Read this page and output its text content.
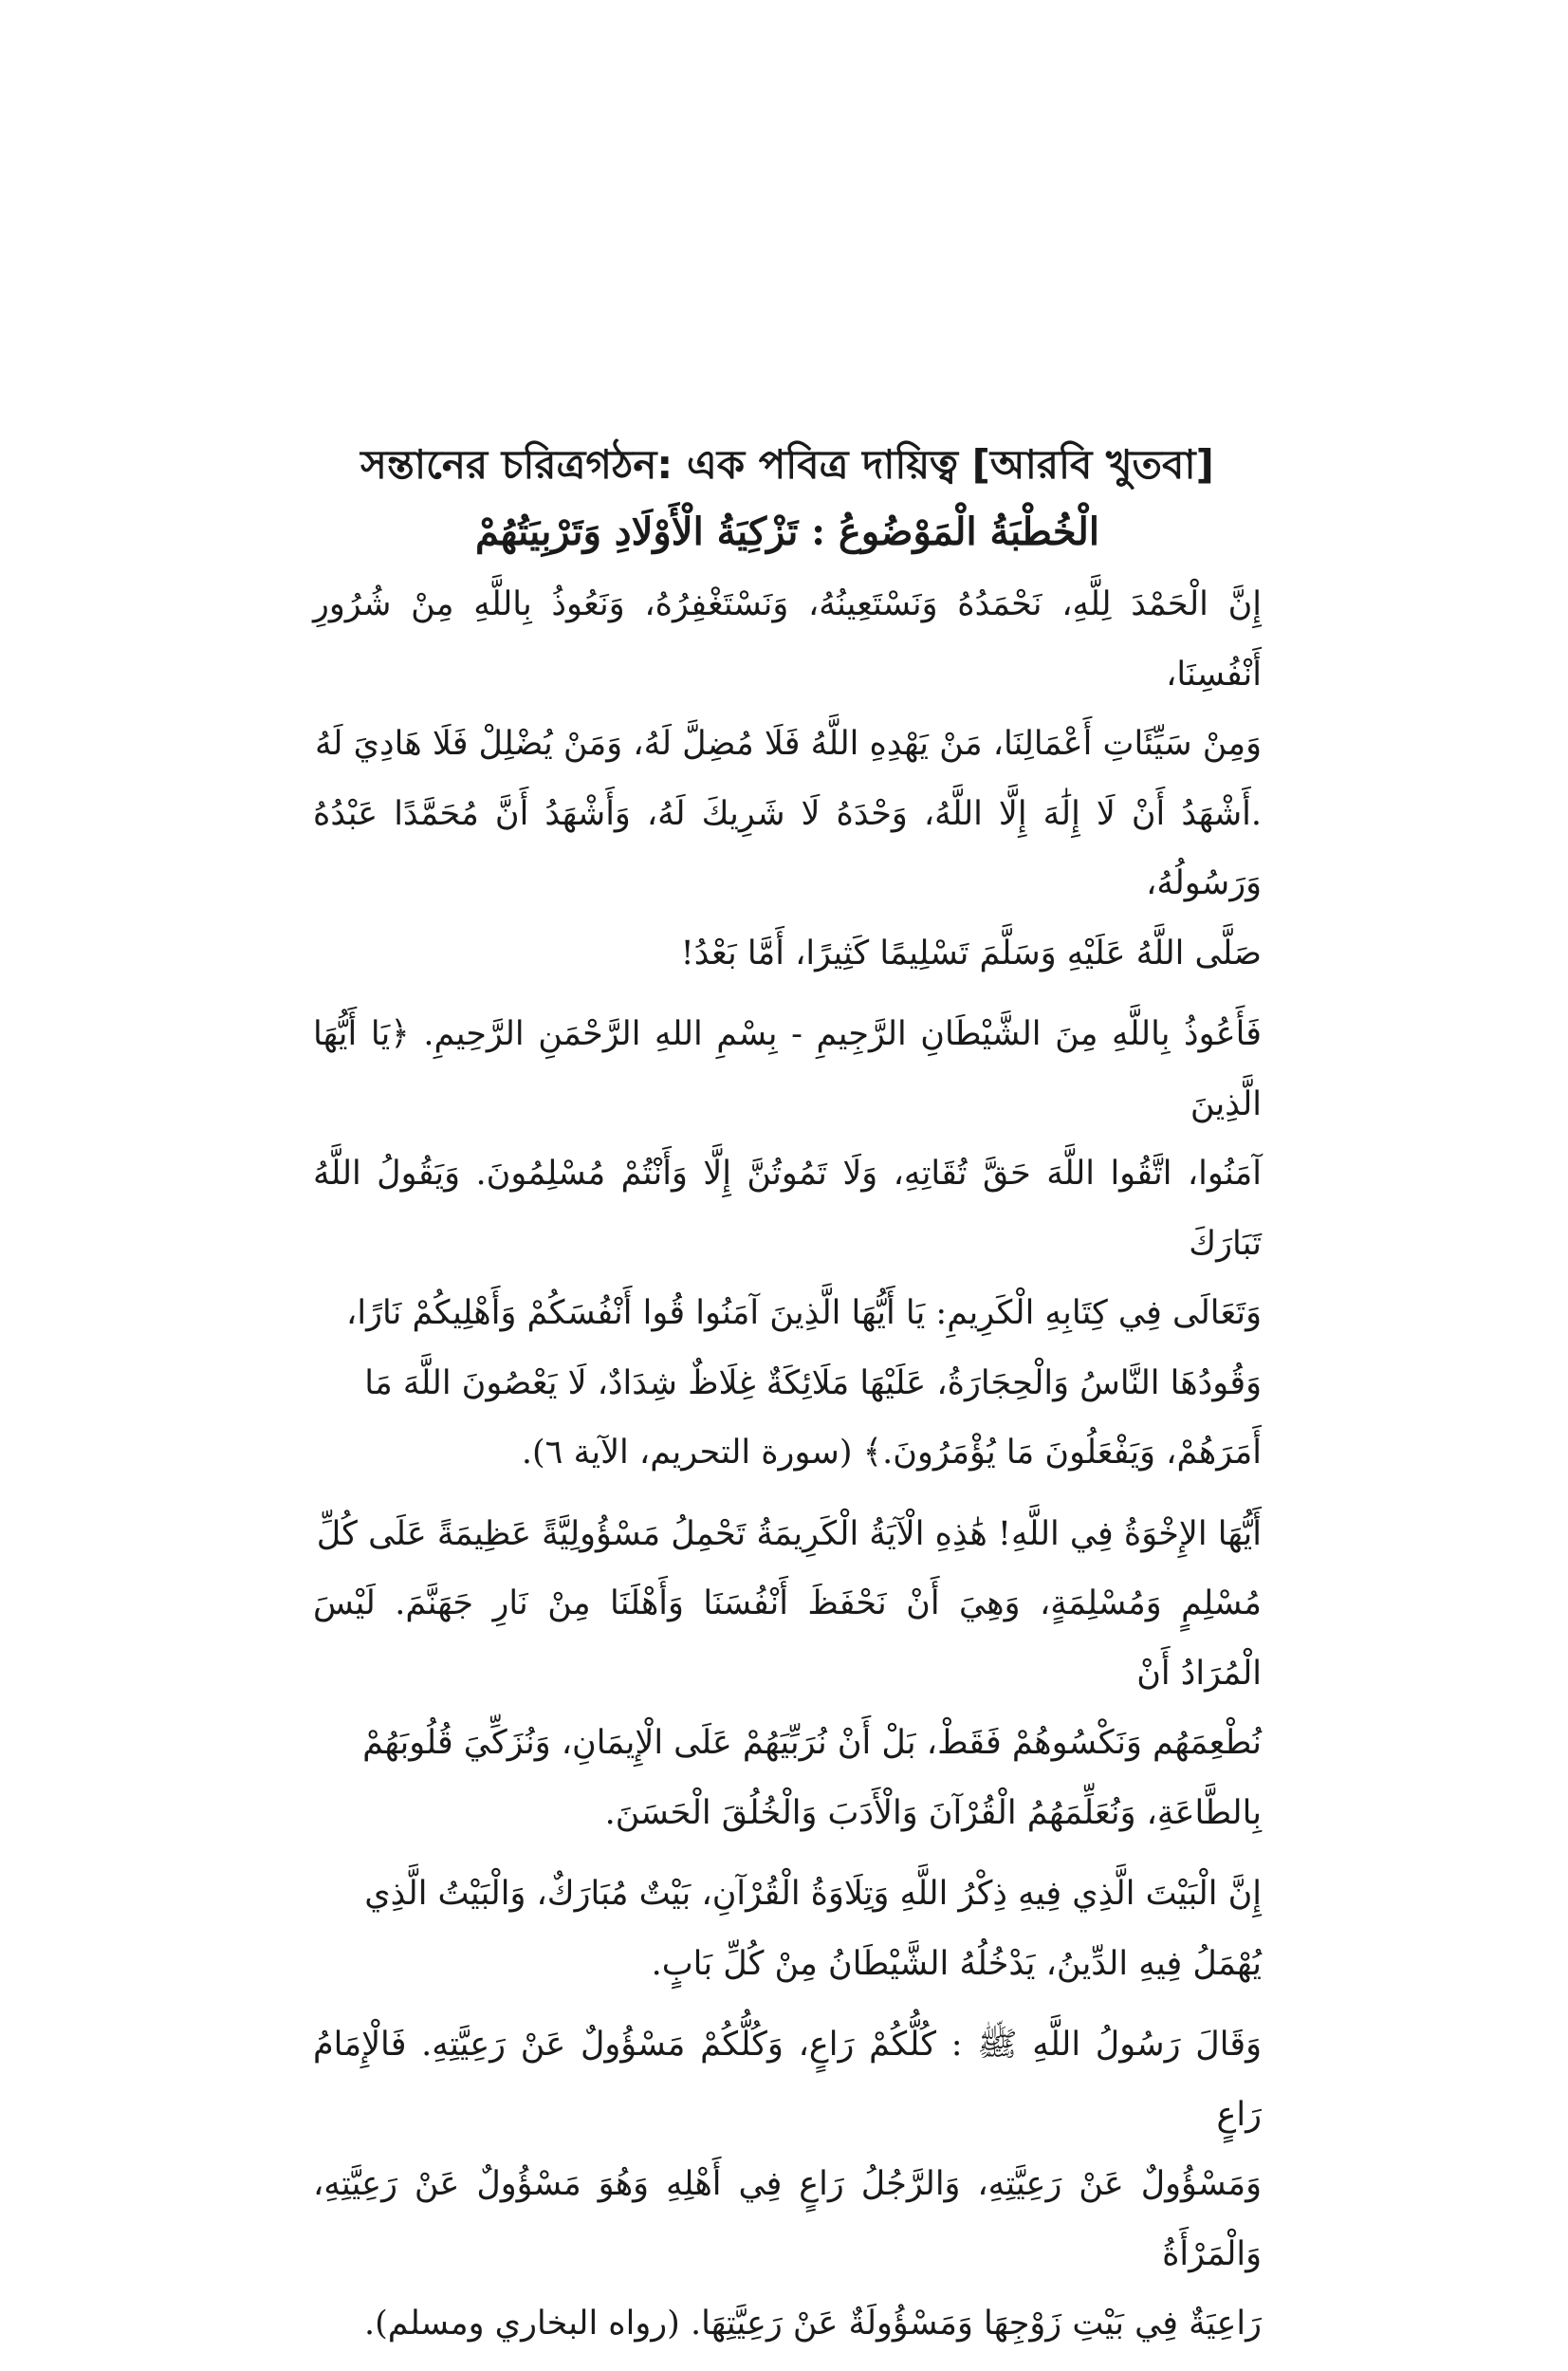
সন্তানের চরিত্রগঠন: এক পবিত্র দায়িত্ব [আরবি খুতবা]
الْخُطْبَةُ الْمَوْضُوعُ : تَزْكِيَةُ الْأَوْلَادِ وَتَرْبِيَتُهُمْ

إِنَّ الْحَمْدَ لِلَّهِ، نَحْمَدُهُ وَنَسْتَعِينُهُ، وَنَسْتَغْفِرُهُ، وَنَعُوذُ بِاللَّهِ مِنْ شُرُورِ أَنْفُسِنَا،
وَمِنْ سَيِّئَاتِ أَعْمَالِنَا، مَنْ يَهْدِهِ اللَّهُ فَلَا مُضِلَّ لَهُ، وَمَنْ يُضْلِلْ فَلَا هَادِيَ لَهُ
.أَشْهَدُ أَنْ لَا إِلَٰهَ إِلَّا اللَّهُ، وَحْدَهُ لَا شَرِيكَ لَهُ، وَأَشْهَدُ أَنَّ مُحَمَّدًا عَبْدُهُ وَرَسُولُهُ،
صَلَّى اللَّهُ عَلَيْهِ وَسَلَّمَ تَسْلِيمًا كَثِيرًا، أَمَّا بَعْدُ!

فَأَعُوذُ بِاللَّهِ مِنَ الشَّيْطَانِ الرَّجِيمِ - بِسْمِ اللهِ الرَّحْمَنِ الرَّحِيمِ. ﴿يَا أَيُّهَا الَّذِينَ
آمَنُوا، اتَّقُوا اللَّهَ حَقَّ تُقَاتِهِ، وَلَا تَمُوتُنَّ إِلَّا وَأَنْتُمْ مُسْلِمُونَ. وَيَقُولُ اللَّهُ تَبَارَكَ
وَتَعَالَى فِي كِتَابِهِ الْكَرِيمِ: يَا أَيُّهَا الَّذِينَ آمَنُوا قُوا أَنْفُسَكُمْ وَأَهْلِيكُمْ نَارًا،
وَقُودُهَا النَّاسُ وَالْحِجَارَةُ، عَلَيْهَا مَلَائِكَةٌ غِلَاظٌ شِدَادٌ، لَا يَعْصُونَ اللَّهَ مَا
أَمَرَهُمْ، وَيَفْعَلُونَ مَا يُؤْمَرُونَ.﴾ (سورة التحريم، الآية ٦).

أَيُّهَا الإِخْوَةُ فِي اللَّهِ! هَٰذِهِ الْآيَةُ الْكَرِيمَةُ تَحْمِلُ مَسْؤُولِيَّةً عَظِيمَةً عَلَى كُلِّ
مُسْلِمٍ وَمُسْلِمَةٍ، وَهِيَ أَنْ نَحْفَظَ أَنْفُسَنَا وَأَهْلَنَا مِنْ نَارِ جَهَنَّمَ. لَيْسَ الْمُرَادُ أَنْ
نُطْعِمَهُم وَنَكْسُوهُمْ فَقَطْ، بَلْ أَنْ نُرَبِّيَهُمْ عَلَى الْإِيمَانِ، وَنُزَكِّيَ قُلُوبَهُمْ
بِالطَّاعَةِ، وَنُعَلِّمَهُمُ الْقُرْآنَ وَالْأَدَبَ وَالْخُلُقَ الْحَسَنَ.

إِنَّ الْبَيْتَ الَّذِي فِيهِ ذِكْرُ اللَّهِ وَتِلَاوَةُ الْقُرْآنِ، بَيْتٌ مُبَارَكٌ، وَالْبَيْتُ الَّذِي
يُهْمَلُ فِيهِ الدِّينُ، يَدْخُلُهُ الشَّيْطَانُ مِنْ كُلِّ بَابٍ.

وَقَالَ رَسُولُ اللَّهِ ﷺ : كُلُّكُمْ رَاعٍ، وَكُلُّكُمْ مَسْؤُولٌ عَنْ رَعِيَّتِهِ. فَالْإِمَامُ رَاعٍ
وَمَسْؤُولٌ عَنْ رَعِيَّتِهِ، وَالرَّجُلُ رَاعٍ فِي أَهْلِهِ وَهُوَ مَسْؤُولٌ عَنْ رَعِيَّتِهِ، وَالْمَرْأَةُ
رَاعِيَةٌ فِي بَيْتِ زَوْجِهَا وَمَسْؤُولَةٌ عَنْ رَعِيَّتِهَا. (رواه البخاري ومسلم).
